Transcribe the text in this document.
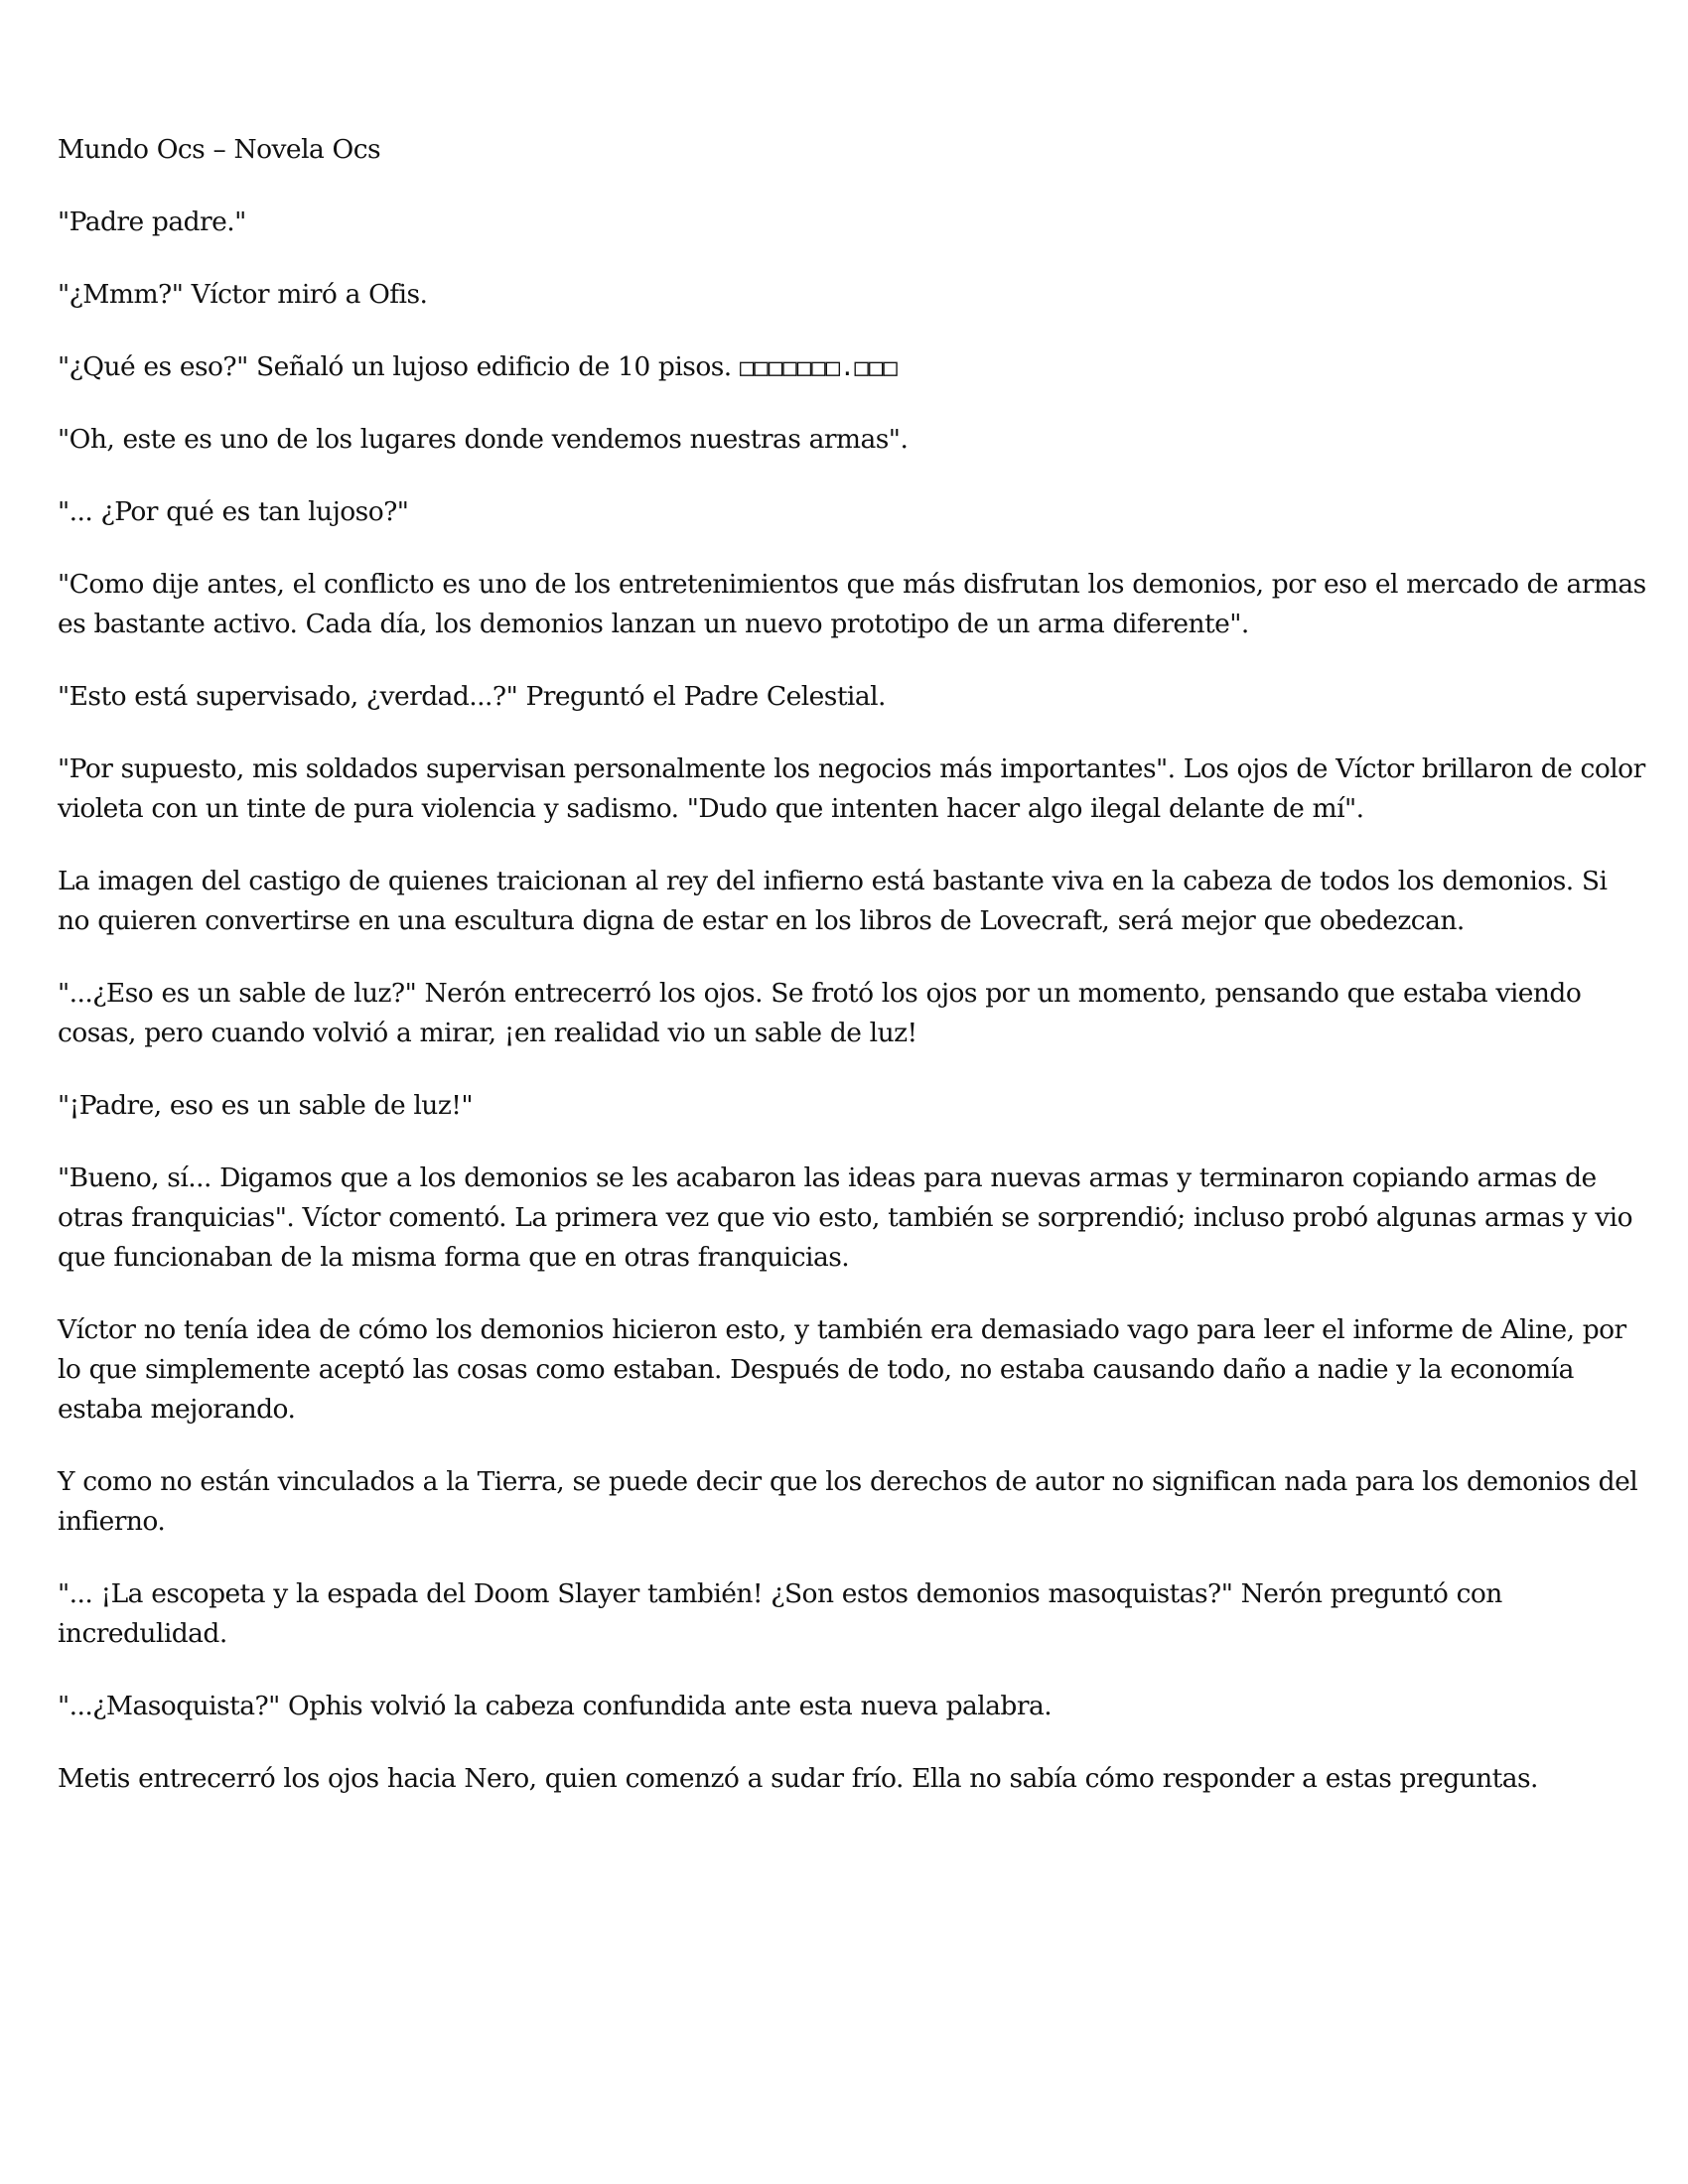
Mundo Ocs – Novela Ocs

"Padre padre."

"¿Mmm?" Víctor miró a Ofis.

"¿Qué es eso?" Señaló un lujoso edificio de 10 pisos. □□□□□□□.□□□

"Oh, este es uno de los lugares donde vendemos nuestras armas".

"... ¿Por qué es tan lujoso?"

"Como dije antes, el conflicto es uno de los entretenimientos que más disfrutan los demonios, por eso el mercado de armas es bastante activo. Cada día, los demonios lanzan un nuevo prototipo de un arma diferente".

"Esto está supervisado, ¿verdad...?" Preguntó el Padre Celestial.

"Por supuesto, mis soldados supervisan personalmente los negocios más importantes". Los ojos de Víctor brillaron de color violeta con un tinte de pura violencia y sadismo. "Dudo que intenten hacer algo ilegal delante de mí".

La imagen del castigo de quienes traicionan al rey del infierno está bastante viva en la cabeza de todos los demonios. Si no quieren convertirse en una escultura digna de estar en los libros de Lovecraft, será mejor que obedezcan.

"...¿Eso es un sable de luz?" Nerón entrecerró los ojos. Se frotó los ojos por un momento, pensando que estaba viendo cosas, pero cuando volvió a mirar, ¡en realidad vio un sable de luz!

"¡Padre, eso es un sable de luz!"

"Bueno, sí... Digamos que a los demonios se les acabaron las ideas para nuevas armas y terminaron copiando armas de otras franquicias". Víctor comentó. La primera vez que vio esto, también se sorprendió; incluso probó algunas armas y vio que funcionaban de la misma forma que en otras franquicias.

Víctor no tenía idea de cómo los demonios hicieron esto, y también era demasiado vago para leer el informe de Aline, por lo que simplemente aceptó las cosas como estaban. Después de todo, no estaba causando daño a nadie y la economía estaba mejorando.

Y como no están vinculados a la Tierra, se puede decir que los derechos de autor no significan nada para los demonios del infierno.

"... ¡La escopeta y la espada del Doom Slayer también! ¿Son estos demonios masoquistas?" Nerón preguntó con incredulidad.

"...¿Masoquista?" Ophis volvió la cabeza confundida ante esta nueva palabra.

Metis entrecerró los ojos hacia Nero, quien comenzó a sudar frío. Ella no sabía cómo responder a estas preguntas.
